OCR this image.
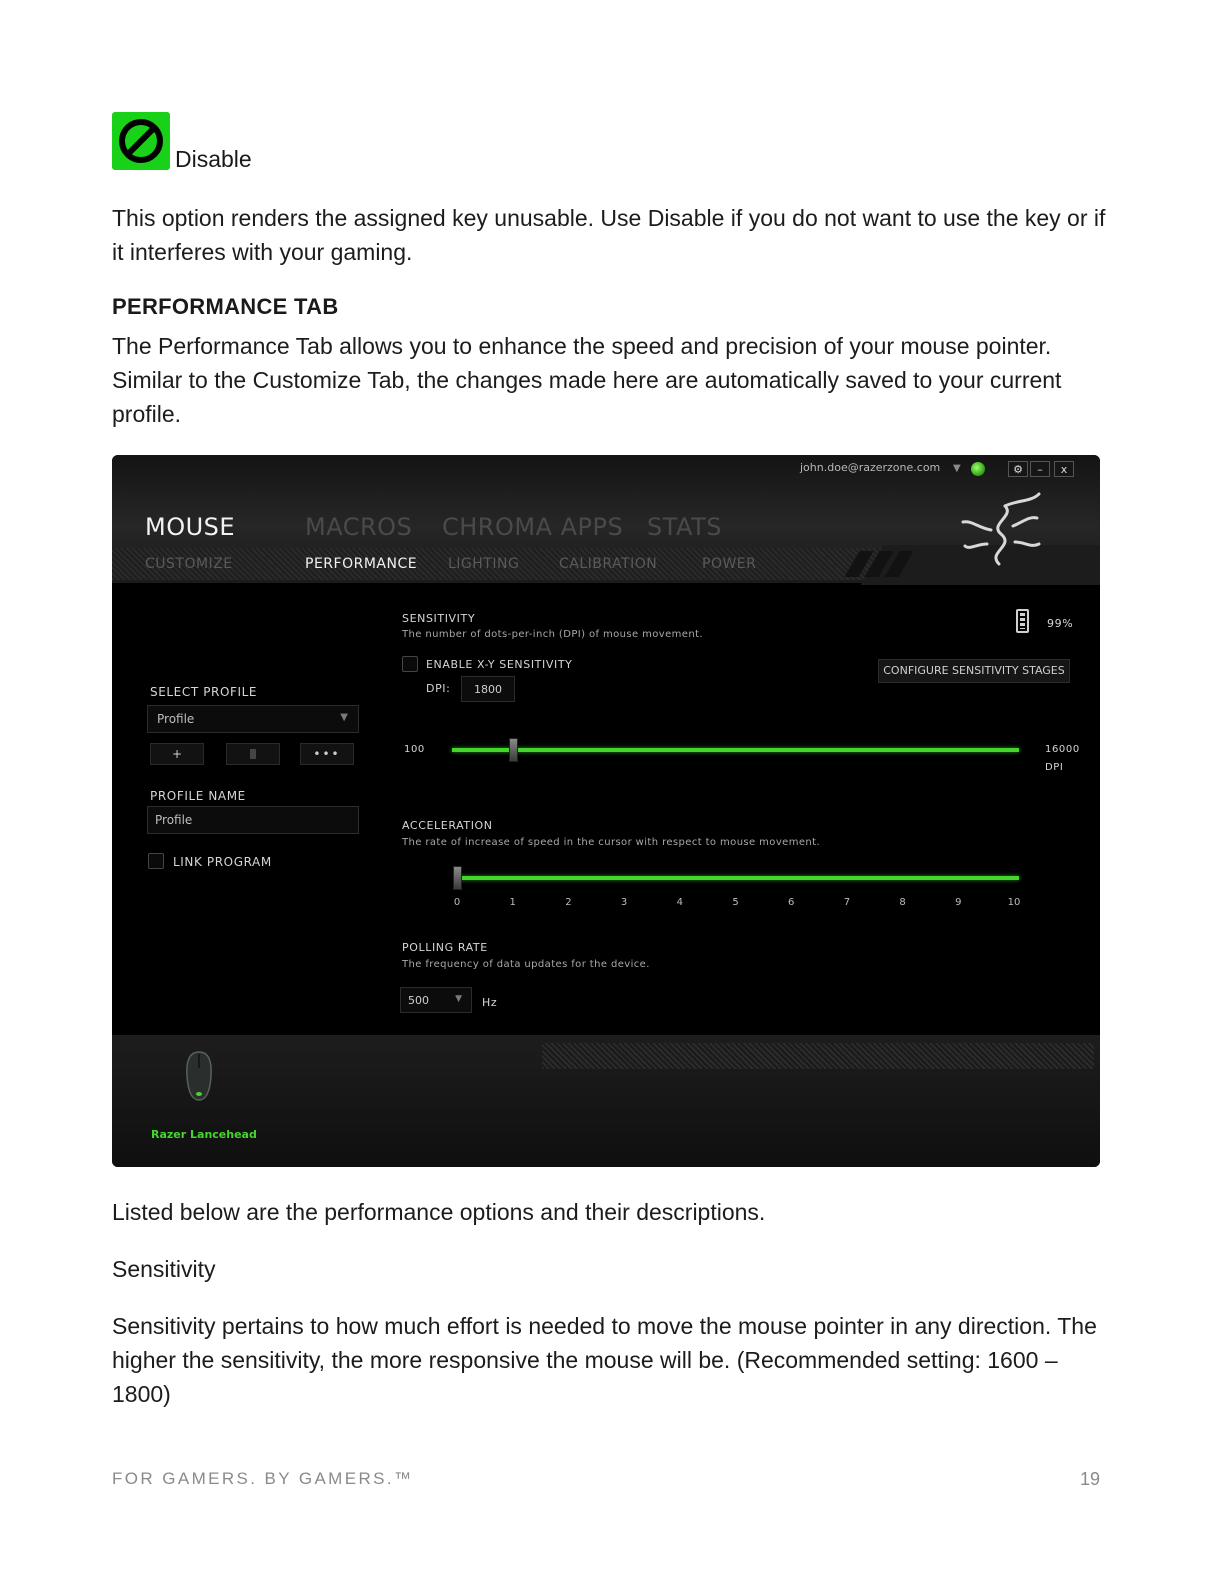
Disable
This option renders the assigned key unusable. Use Disable if you do not want to use the key or if it interferes with your gaming.
PERFORMANCE TAB
The Performance Tab allows you to enhance the speed and precision of your mouse pointer. Similar to the Customize Tab, the changes made here are automatically saved to your current profile.
john.doe@razerzone.com ▼	⚙	–	x
MOUSE	MACROS CHROMA APPS STATS
CUSTOMIZE	PERFORMANCE LIGHTING	CALIBRATION	POWER
SELECT PROFILE
Profile	▼
+	•••
PROFILE NAME
Profile
LINK PROGRAM
SENSITIVITY
The number of dots-per-inch (DPI) of mouse movement.
99%
ENABLE X-Y SENSITIVITY	CONFIGURE SENSITIVITY STAGES
DPI:	1800
100	16000
DPI
ACCELERATION
The rate of increase of speed in the cursor with respect to mouse movement.
0	1	2	3	4	5	6	7	8	9	10
POLLING RATE
The frequency of data updates for the device.
500	▼ Hz
Razer Lancehead
Listed below are the performance options and their descriptions.
Sensitivity
Sensitivity pertains to how much effort is needed to move the mouse pointer in any direction. The higher the sensitivity, the more responsive the mouse will be. (Recommended setting: 1600 – 1800)
FOR GAMERS. BY GAMERS.™	19
